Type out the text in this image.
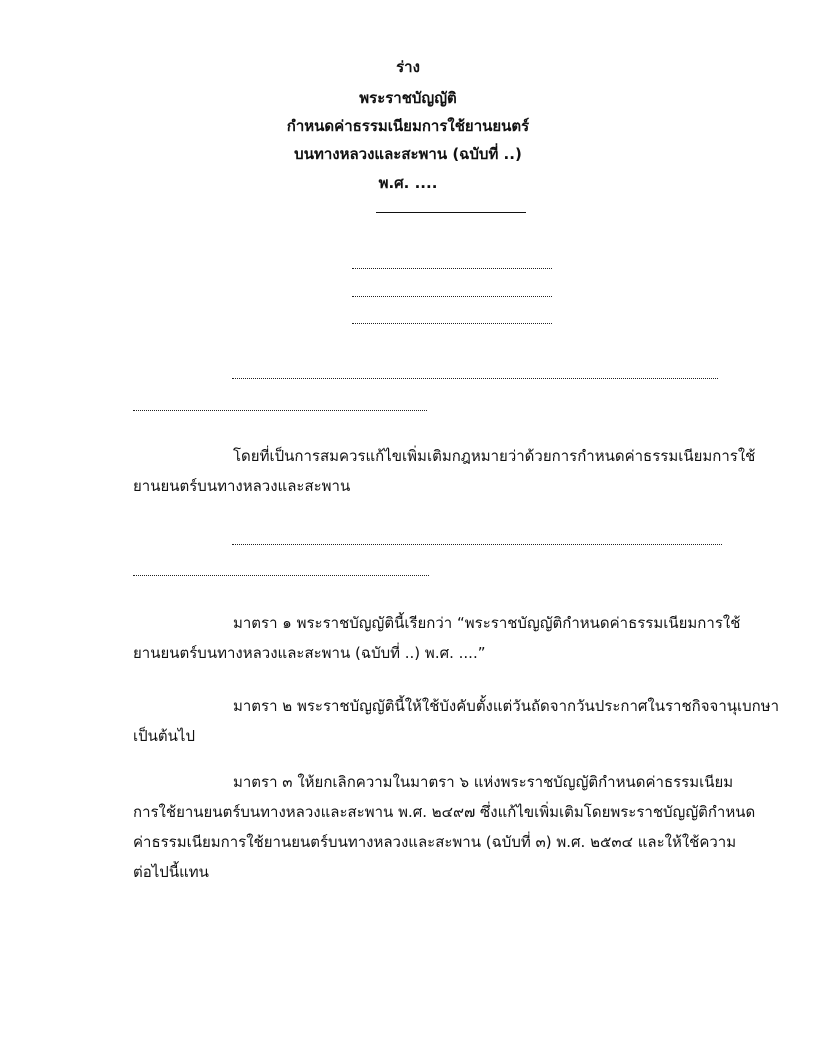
ร่าง
พระราชบัญญัติ
กำหนดค่าธรรมเนียมการใช้ยานยนตร์
บนทางหลวงและสะพาน (ฉบับที่ ..)
พ.ศ. ....
โดยที่เป็นการสมควรแก้ไขเพิ่มเติมกฎหมายว่าด้วยการกำหนดค่าธรรมเนียมการใช้
ยานยนตร์บนทางหลวงและสะพาน
มาตรา ๑ พระราชบัญญัตินี้เรียกว่า “พระราชบัญญัติกำหนดค่าธรรมเนียมการใช้
ยานยนตร์บนทางหลวงและสะพาน (ฉบับที่ ..) พ.ศ. ....”
มาตรา ๒ พระราชบัญญัตินี้ให้ใช้บังคับตั้งแต่วันถัดจากวันประกาศในราชกิจจานุเบกษา
เป็นต้นไป
มาตรา ๓ ให้ยกเลิกความในมาตรา ๖ แห่งพระราชบัญญัติกำหนดค่าธรรมเนียม
การใช้ยานยนตร์บนทางหลวงและสะพาน พ.ศ. ๒๔๙๗ ซึ่งแก้ไขเพิ่มเติมโดยพระราชบัญญัติกำหนด
ค่าธรรมเนียมการใช้ยานยนตร์บนทางหลวงและสะพาน (ฉบับที่ ๓) พ.ศ. ๒๕๓๔ และให้ใช้ความ
ต่อไปนี้แทน
